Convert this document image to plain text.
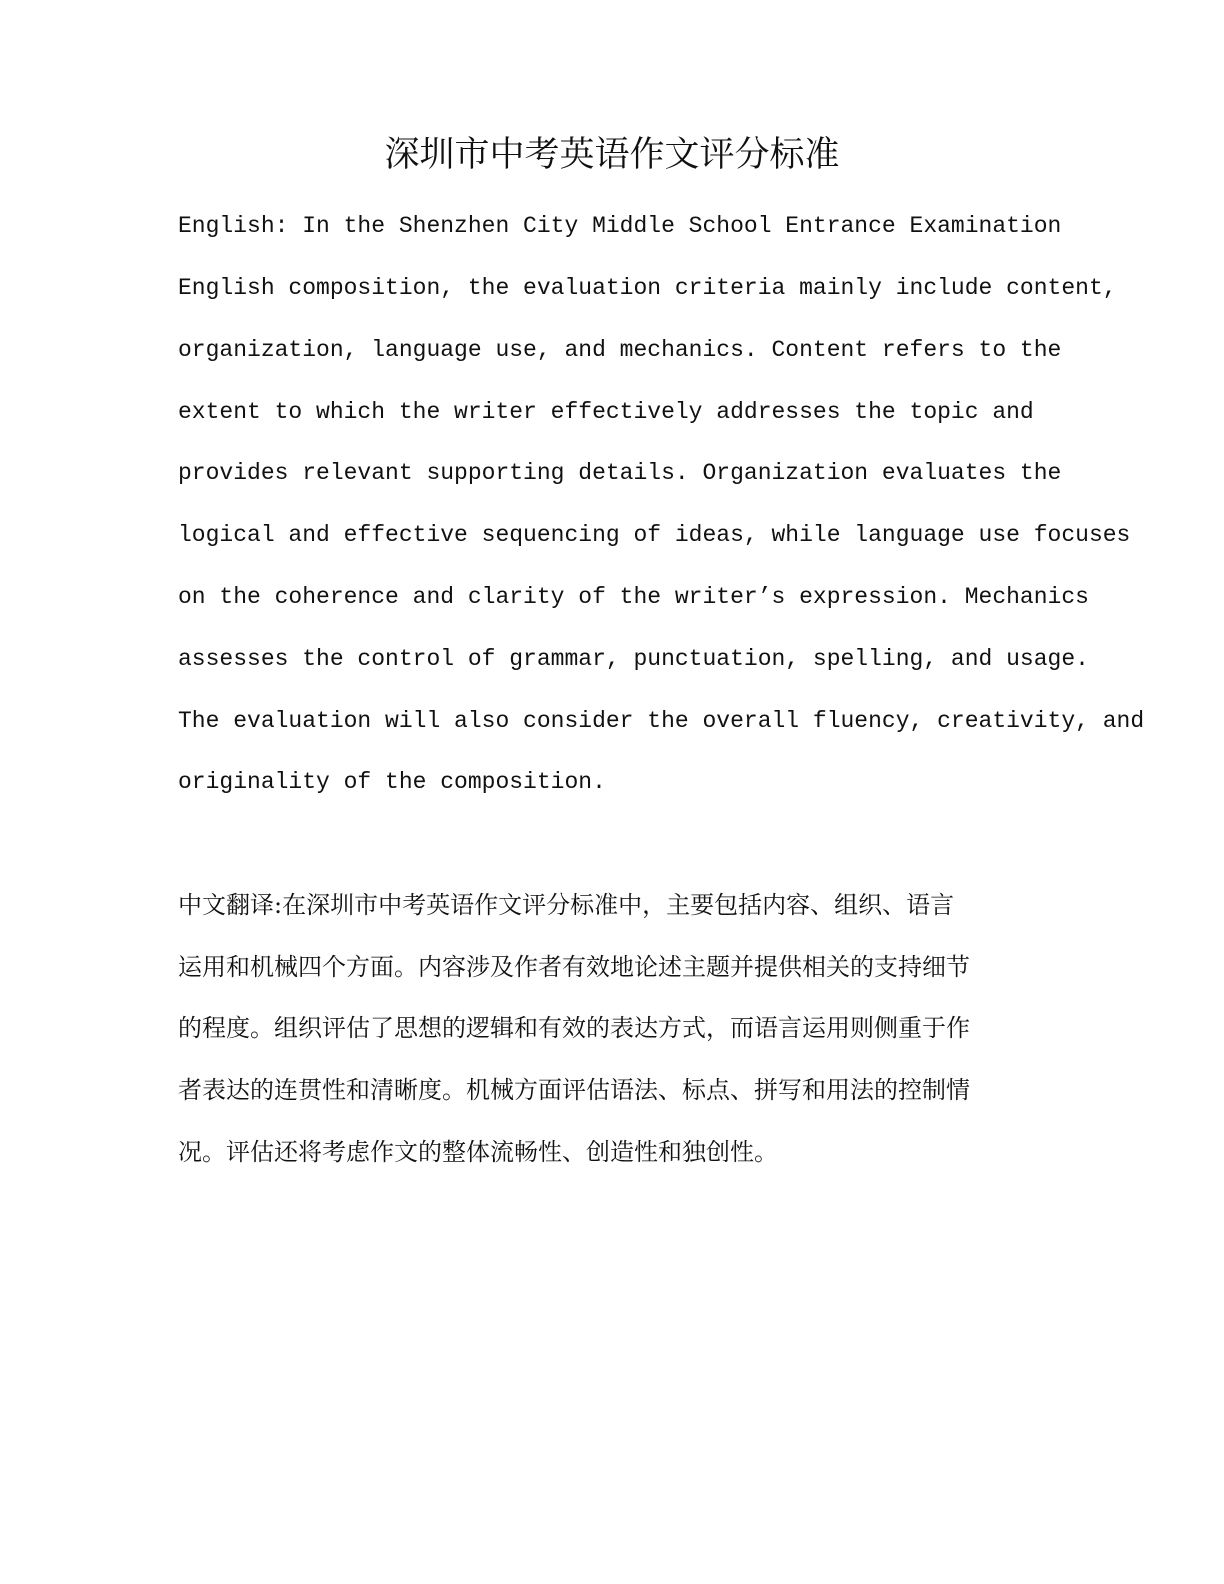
深圳市中考英语作文评分标准
English: In the Shenzhen City Middle School Entrance Examination
English composition, the evaluation criteria mainly include content,
organization, language use, and mechanics. Content refers to the
extent to which the writer effectively addresses the topic and
provides relevant supporting details. Organization evaluates the
logical and effective sequencing of ideas, while language use focuses
on the coherence and clarity of the writer’s expression. Mechanics
assesses the control of grammar, punctuation, spelling, and usage.
The evaluation will also consider the overall fluency, creativity, and
originality of the composition.
中文翻译:在深圳市中考英语作文评分标准中，主要包括内容、组织、语言
运用和机械四个方面。内容涉及作者有效地论述主题并提供相关的支持细节
的程度。组织评估了思想的逻辑和有效的表达方式，而语言运用则侧重于作
者表达的连贯性和清晰度。机械方面评估语法、标点、拼写和用法的控制情
况。评估还将考虑作文的整体流畅性、创造性和独创性。
